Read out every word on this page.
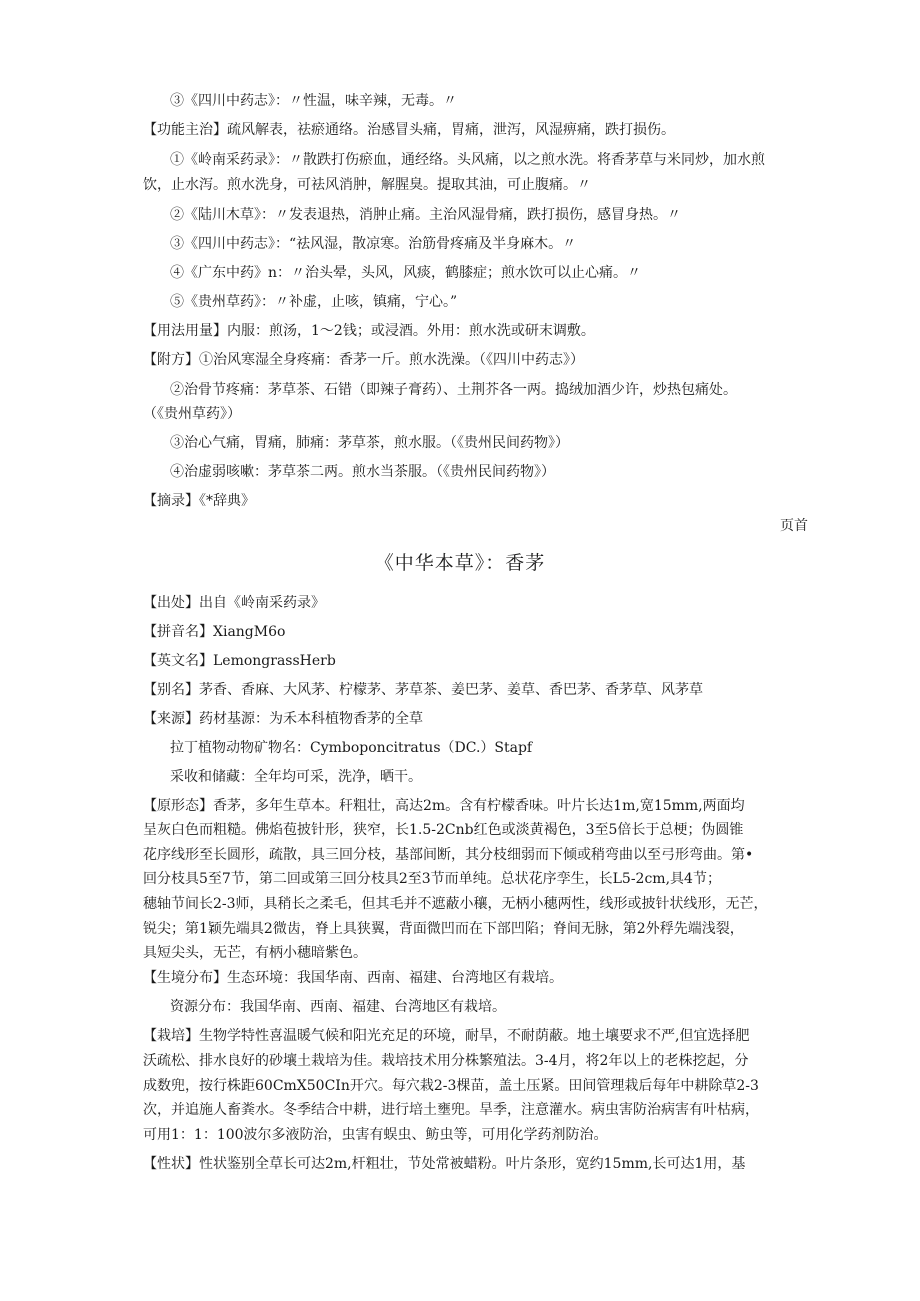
③《四川中药志》：〃性温，味辛辣，无毒。〃
【功能主治】疏风解表，祛瘀通络。治感冒头痛，胃痛，泄泻，风湿痹痛，跌打损伤。
①《岭南采药录》：〃散跌打伤瘀血，通经络。头风痛，以之煎水洗。将香茅草与米同炒，加水煎
饮，止水泻。煎水洗身，可祛风消肿，解腥臭。提取其油，可止腹痛。〃
②《陆川木草》：〃发表退热，消肿止痛。主治风湿骨痛，跌打损伤，感冒身热。〃
③《四川中药志》：“祛风湿，散凉寒。治筋骨疼痛及半身麻木。〃
④《广东中药》n：〃治头晕，头风，风痰，鹤膝症；煎水饮可以止心痛。〃
⑤《贵州草药》：〃补虚，止咳，镇痛，宁心。”
【用法用量】内服：煎汤，1～2钱；或浸酒。外用：煎水洗或研末调敷。
【附方】①治风寒湿全身疼痛：香茅一斤。煎水洗澡。（《四川中药志》）
②治骨节疼痛：茅草茶、石错（即辣子膏药）、土荆芥各一两。捣绒加酒少许，炒热包痛处。
（《贵州草药》）
③治心气痛，胃痛，肺痛：茅草茶，煎水服。（《贵州民间药物》）
④治虚弱咳嗽：茅草茶二两。煎水当茶服。（《贵州民间药物》）
【摘录】《*辞典》
页首
《中华本草》：香茅
【出处】出自《岭南采药录》
【拼音名】XiangM6o
【英文名】LemongrassHerb
【别名】茅香、香麻、大风茅、柠檬茅、茅草茶、姜巴茅、姜草、香巴茅、香茅草、风茅草
【来源】药材基源：为禾本科植物香茅的全草
拉丁植物动物矿物名：Cymboponcitratus（DC.）Stapf
采收和储藏：全年均可采，洗净，晒干。
【原形态】香茅，多年生草本。秆粗壮，高达2m。含有柠檬香味。叶片长达1m,宽15mm,两面均
呈灰白色而粗糙。佛焰苞披针形，狭窄，长1.5-2Cnb红色或淡黄褐色，3至5倍长于总梗；伪圆锥
花序线形至长圆形，疏散，具三回分枝，基部间断，其分枝细弱而下倾或稍弯曲以至弓形弯曲。第•
回分枝具5至7节，第二回或第三回分枝具2至3节而单纯。总状花序孪生，长L5-2cm,具4节；
穗轴节间长2-3师，具稍长之柔毛，但其毛并不遮蔽小穰，无柄小穗两性，线形或披针状线形，无芒，
锐尖；第1颖先端具2微齿，脊上具狭翼，背面微凹而在下部凹陷；脊间无脉，第2外稃先端浅裂，
具短尖头，无芒，有柄小穗暗紫色。
【生境分布】生态环境：我国华南、西南、福建、台湾地区有栽培。
资源分布：我国华南、西南、福建、台湾地区有栽培。
【栽培】生物学特性喜温暖气候和阳光充足的环境，耐旱，不耐荫蔽。地土壤要求不严,但宜选择肥
沃疏松、排水良好的砂壤土栽培为佳。栽培技术用分株繁殖法。3-4月，将2年以上的老株挖起，分
成数兜，按行株距60CmX50CIn开穴。每穴栽2-3棵苗，盖土压紧。田间管理栽后每年中耕除草2-3
次，并追施人畜粪水。冬季结合中耕，进行培土壅兜。旱季，注意灌水。病虫害防治病害有叶枯病，
可用1：1：100波尔多液防治，虫害有蜈虫、鲂虫等，可用化学药剂防治。
【性状】性状鉴别全草长可达2m,杆粗壮，节处常被蜡粉。叶片条形，宽约15mm,长可达1用，基
